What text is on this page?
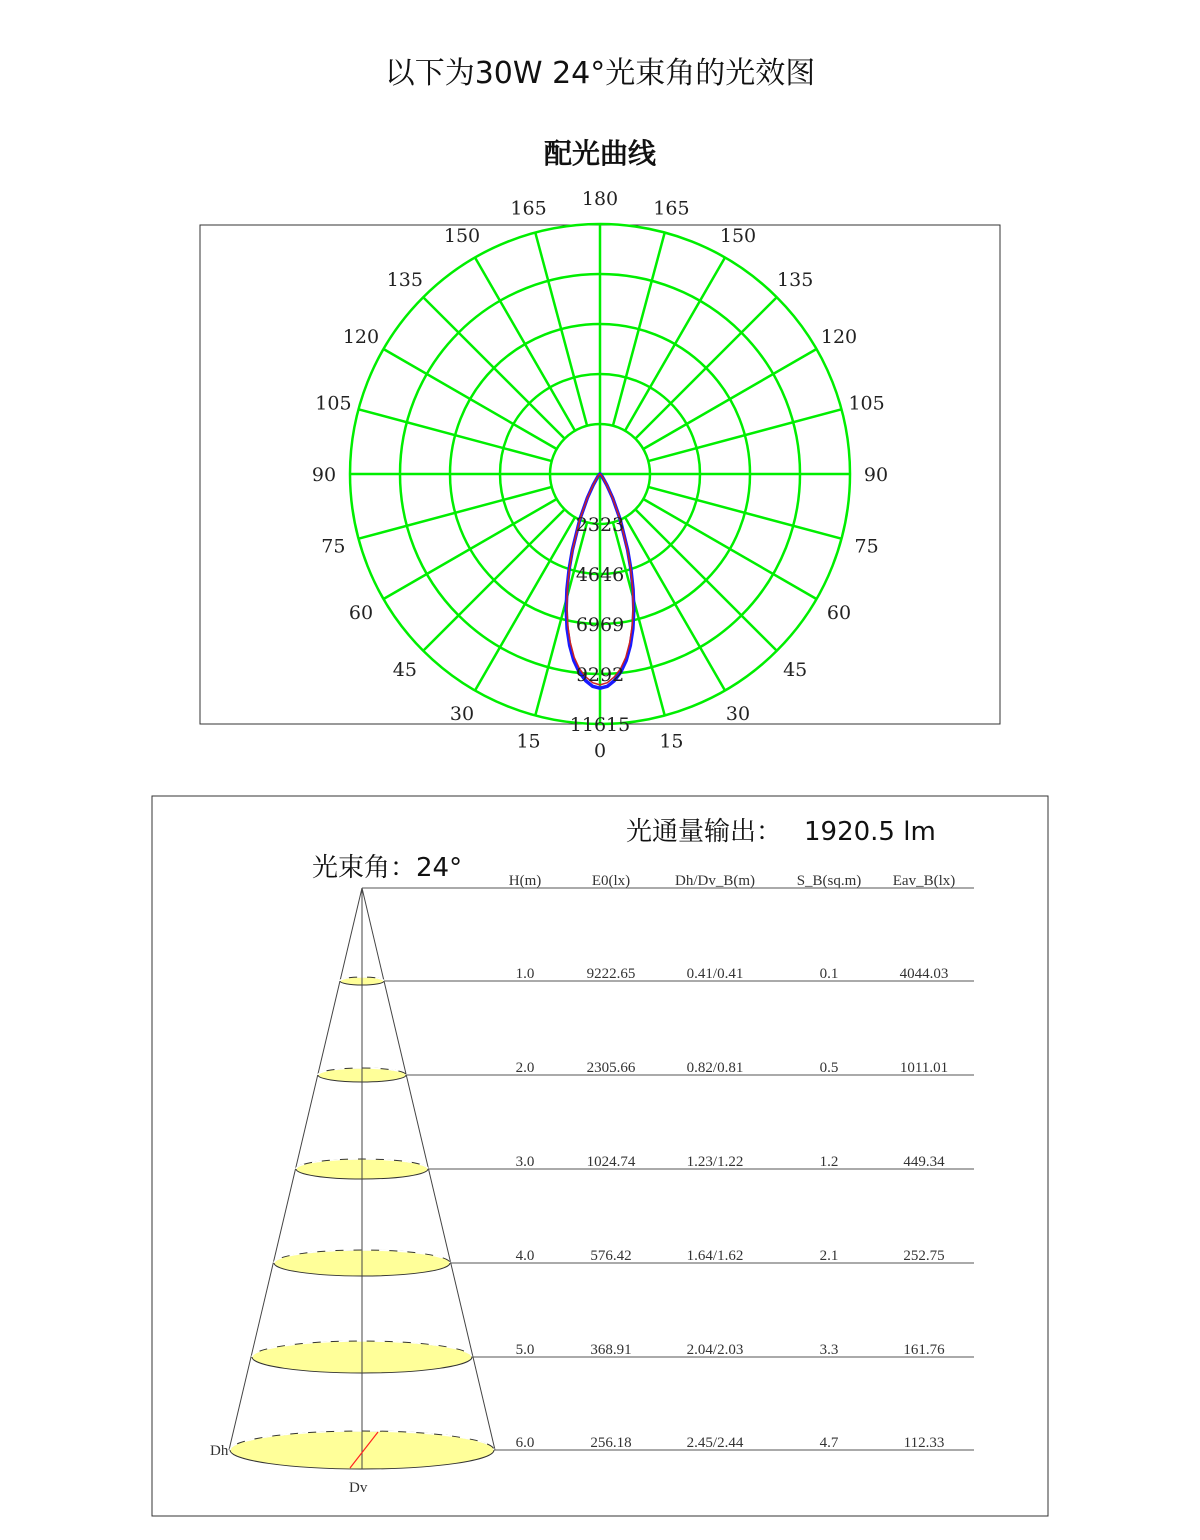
以下为30W 24°光束角的光效图
配光曲线
0	15
30
45
60
75
90
105
120
135
150
165
180
15
30
45
60
75
90
105
120
135
150
165
2323
4646
6969
9292
11615
光通量输出： 1920.5 lm
光束角：24°	H(m)	E0(lx)	Dh/Dv_B(m)	S_B(sq.m) Eav_B(lx)
Dh
Dv
1.0	9222.65	0.41/0.41	0.1	4044.03
2.0	2305.66	0.82/0.81	0.5	1011.01
3.0	1024.74	1.23/1.22	1.2	449.34
4.0	576.42	1.64/1.62	2.1	252.75
5.0	368.91	2.04/2.03	3.3	161.76
6.0	256.18	2.45/2.44	4.7	112.33
